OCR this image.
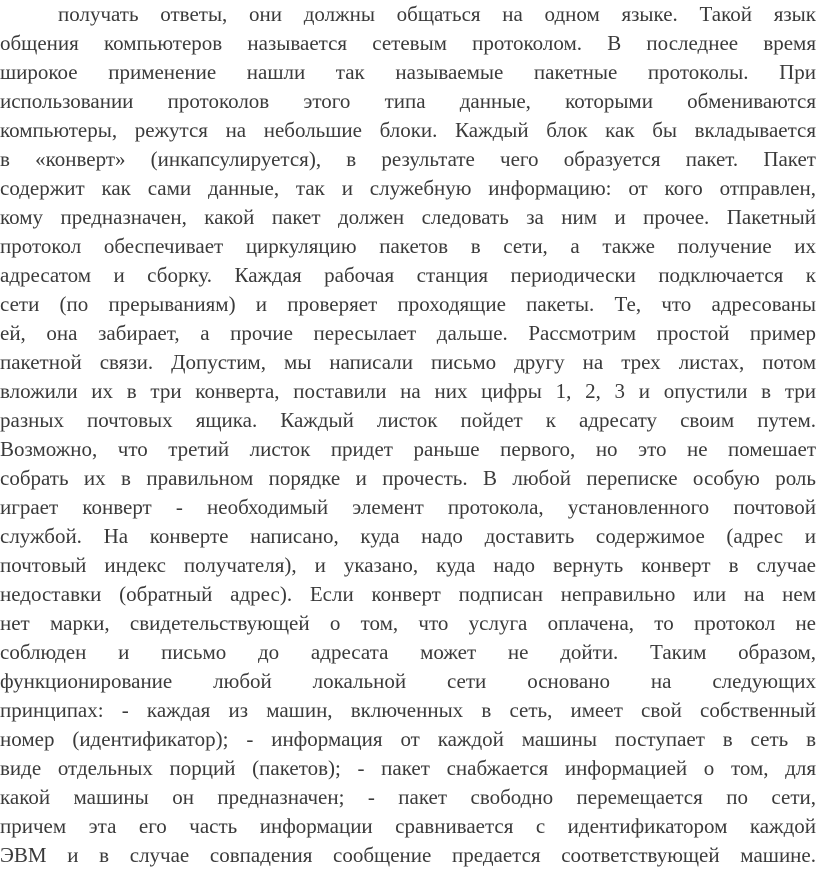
получать ответы, они должны общаться на одном языке. Такой язык
общения компьютеров называется сетевым протоколом. В последнее время
широкое применение нашли так называемые пакетные протоколы. При
использовании протоколов этого типа данные, которыми обмениваются
компьютеры, режутся на небольшие блоки. Каждый блок как бы вкладывается
в «конверт» (инкапсулируется), в результате чего образуется пакет. Пакет
содержит как сами данные, так и служебную информацию: от кого отправлен,
кому предназначен, какой пакет должен следовать за ним и прочее. Пакетный
протокол обеспечивает циркуляцию пакетов в сети, а также получение их
адресатом и сборку. Каждая рабочая станция периодически подключается к
сети (по прерываниям) и проверяет проходящие пакеты. Те, что адресованы
ей, она забирает, а прочие пересылает дальше. Рассмотрим простой пример
пакетной связи. Допустим, мы написали письмо другу на трех листах, потом
вложили их в три конверта, поставили на них цифры 1, 2, 3 и опустили в три
разных почтовых ящика. Каждый листок пойдет к адресату своим путем.
Возможно, что третий листок придет раньше первого, но это не помешает
собрать их в правильном порядке и прочесть. В любой переписке особую роль
играет конверт - необходимый элемент протокола, установленного почтовой
службой. На конверте написано, куда надо доставить содержимое (адрес и
почтовый индекс получателя), и указано, куда надо вернуть конверт в случае
недоставки (обратный адрес). Если конверт подписан неправильно или на нем
нет марки, свидетельствующей о том, что услуга оплачена, то протокол не
соблюден и письмо до адресата может не дойти. Таким образом,
функционирование любой локальной сети основано на следующих
принципах: - каждая из машин, включенных в сеть, имеет свой собственный
номер (идентификатор); - информация от каждой машины поступает в сеть в
виде отдельных порций (пакетов); - пакет снабжается информацией о том, для
какой машины он предназначен; - пакет свободно перемещается по сети,
причем эта его часть информации сравнивается с идентификатором каждой
ЭВМ и в случае совпадения сообщение предается соответствующей машине.
